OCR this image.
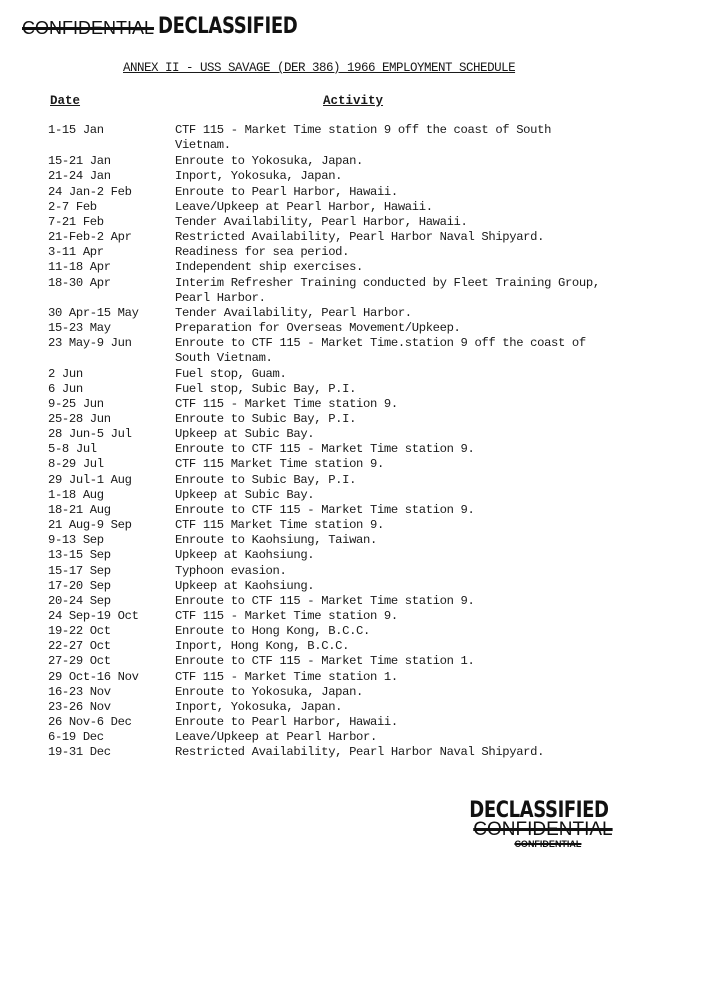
CONFIDENTIAL DECLASSIFIED
ANNEX II - USS SAVAGE (DER 386) 1966 EMPLOYMENT SCHEDULE
Date	Activity
1-15 Jan	CTF 115 - Market Time station 9 off the coast of South Vietnam.
15-21 Jan	Enroute to Yokosuka, Japan.
21-24 Jan	Inport, Yokosuka, Japan.
24 Jan-2 Feb	Enroute to Pearl Harbor, Hawaii.
2-7 Feb	Leave/Upkeep at Pearl Harbor, Hawaii.
7-21 Feb	Tender Availability, Pearl Harbor, Hawaii.
21-Feb-2 Apr	Restricted Availability, Pearl Harbor Naval Shipyard.
3-11 Apr	Readiness for sea period.
11-18 Apr	Independent ship exercises.
18-30 Apr	Interim Refresher Training conducted by Fleet Training Group, Pearl Harbor.
30 Apr-15 May	Tender Availability, Pearl Harbor.
15-23 May	Preparation for Overseas Movement/Upkeep.
23 May-9 Jun	Enroute to CTF 115 - Market Time.station 9 off the coast of South Vietnam.
2 Jun	Fuel stop, Guam.
6 Jun	Fuel stop, Subic Bay, P.I.
9-25 Jun	CTF 115 - Market Time station 9.
25-28 Jun	Enroute to Subic Bay, P.I.
28 Jun-5 Jul	Upkeep at Subic Bay.
5-8 Jul	Enroute to CTF 115 - Market Time station 9.
8-29 Jul	CTF 115 Market Time station 9.
29 Jul-1 Aug	Enroute to Subic Bay, P.I.
1-18 Aug	Upkeep at Subic Bay.
18-21 Aug	Enroute to CTF 115 - Market Time station 9.
21 Aug-9 Sep	CTF 115 Market Time station 9.
9-13 Sep	Enroute to Kaohsiung, Taiwan.
13-15 Sep	Upkeep at Kaohsiung.
15-17 Sep	Typhoon evasion.
17-20 Sep	Upkeep at Kaohsiung.
20-24 Sep	Enroute to CTF 115 - Market Time station 9.
24 Sep-19 Oct	CTF 115 - Market Time station 9.
19-22 Oct	Enroute to Hong Kong, B.C.C.
22-27 Oct	Inport, Hong Kong, B.C.C.
27-29 Oct	Enroute to CTF 115 - Market Time station 1.
29 Oct-16 Nov	CTF 115 - Market Time station 1.
16-23 Nov	Enroute to Yokosuka, Japan.
23-26 Nov	Inport, Yokosuka, Japan.
26 Nov-6 Dec	Enroute to Pearl Harbor, Hawaii.
6-19 Dec	Leave/Upkeep at Pearl Harbor.
19-31 Dec	Restricted Availability, Pearl Harbor Naval Shipyard.
DECLASSIFIED
CONFIDENTIAL
CONFIDENTIAL
